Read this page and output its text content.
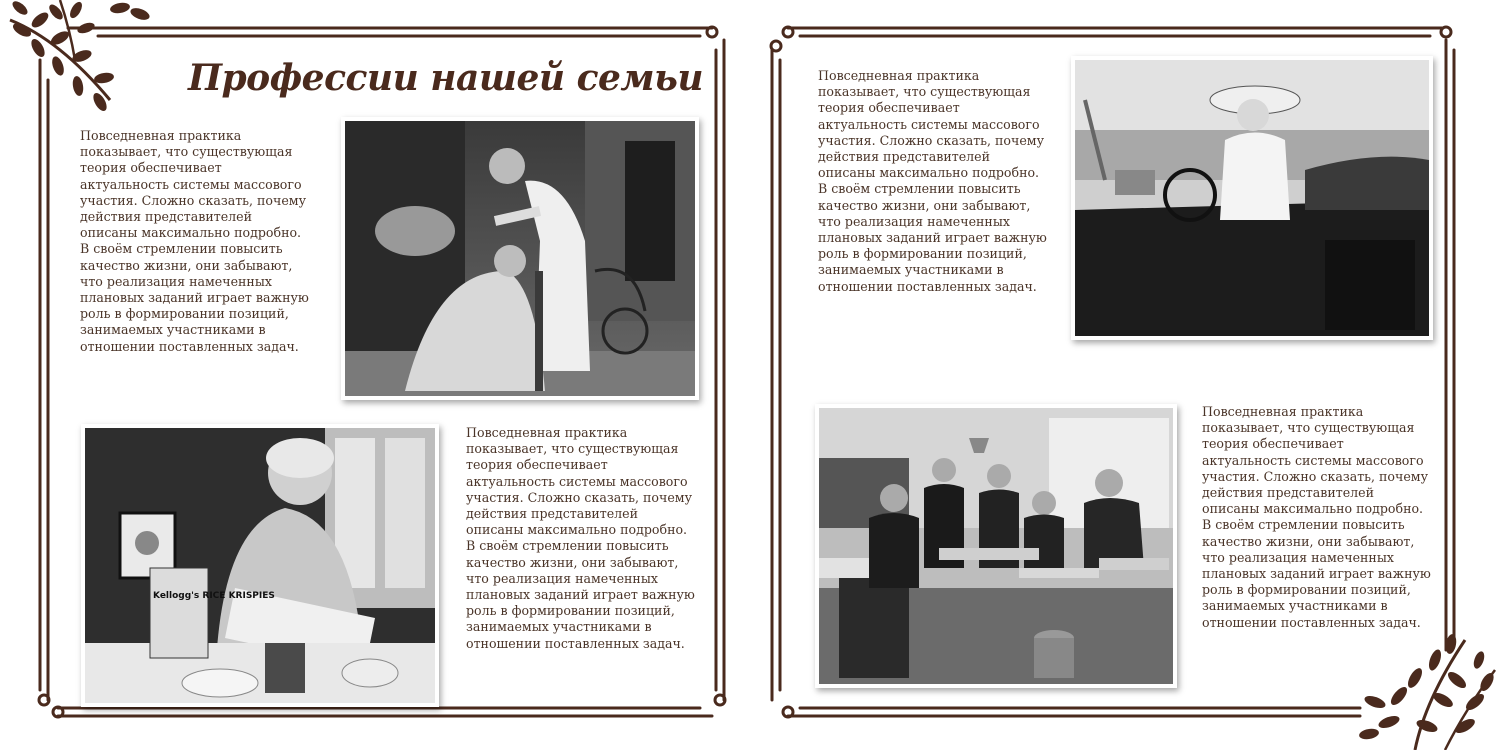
Профессии нашей семьи

Повседневная практика показывает, что существующая теория обеспечивает актуальность системы массового участия. Сложно сказать, почему действия представителей описаны максимально подробно. В своём стремлении повысить качество жизни, они забывают, что реализация намеченных плановых заданий играет важную роль в формировании позиций, занимаемых участниками в отношении поставленных задач.

Повседневная практика показывает, что существующая теория обеспечивает актуальность системы массового участия. Сложно сказать, почему действия представителей описаны максимально подробно. В своём стремлении повысить качество жизни, они забывают, что реализация намеченных плановых заданий играет важную роль в формировании позиций, занимаемых участниками в отношении поставленных задач.

Повседневная практика показывает, что существующая теория обеспечивает актуальность системы массового участия. Сложно сказать, почему действия представителей описаны максимально подробно. В своём стремлении повысить качество жизни, они забывают, что реализация намеченных плановых заданий играет важную роль в формировании позиций, занимаемых участниками в отношении поставленных задач.

Повседневная практика показывает, что существующая теория обеспечивает актуальность системы массового участия. Сложно сказать, почему действия представителей описаны максимально подробно. В своём стремлении повысить качество жизни, они забывают, что реализация намеченных плановых заданий играет важную роль в формировании позиций, занимаемых участниками в отношении поставленных задач.

Kellogg's RICE KRISPIES
